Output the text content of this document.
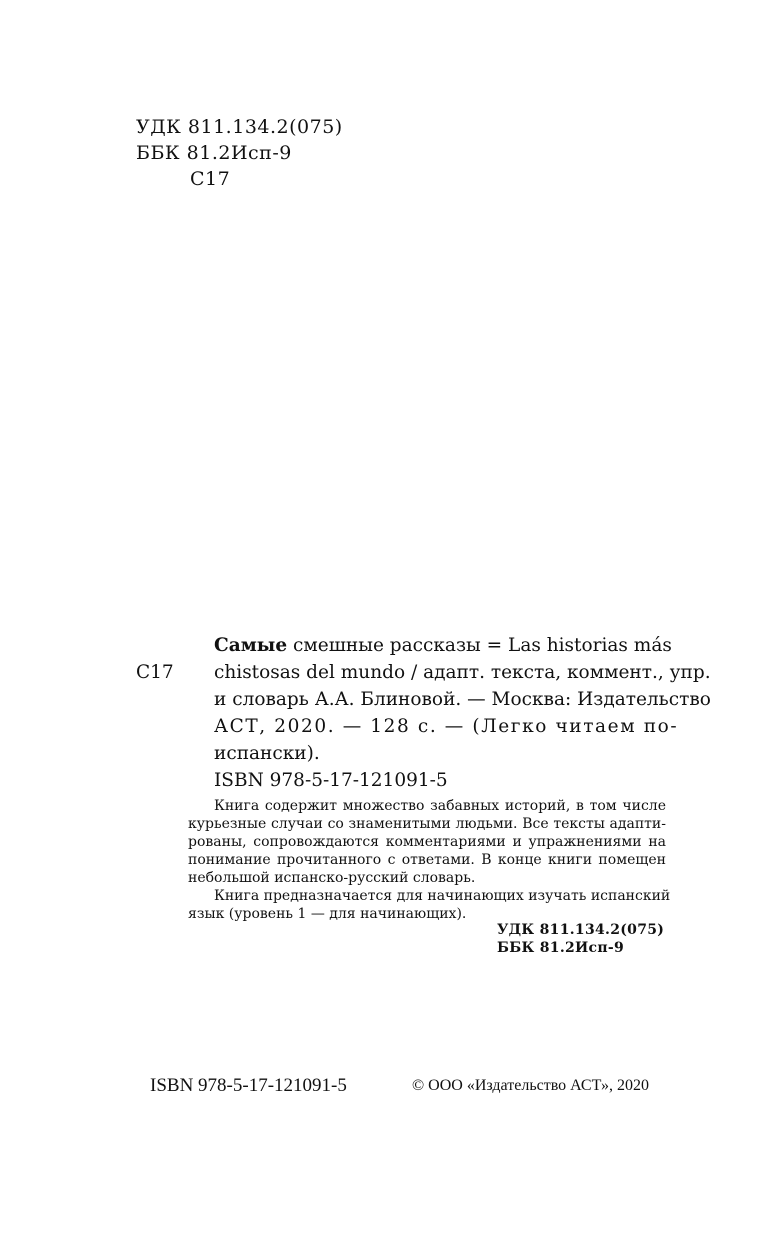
УДК 811.134.2(075)
ББК 81.2Исп-9
С17
С17
Самые смешные рассказы = Las historias más
chistosas del mundo / адапт. текста, коммент., упр.
и словарь А.А. Блиновой. — Москва: Издательство
АСТ, 2020. — 128 с. — (Легко читаем по-
испански).
ISBN 978-5-17-121091-5
Книга содержит множество забавных историй, в том числе
курьезные случаи со знаменитыми людьми. Все тексты адапти-
рованы, сопровождаются комментариями и упражнениями на
понимание прочитанного с ответами. В конце книги помещен
небольшой испанско-русский словарь.
Книга предназначается для начинающих изучать испанский
язык (уровень 1 — для начинающих).
УДК 811.134.2(075)
ББК 81.2Исп-9
ISBN 978-5-17-121091-5	© ООО «Издательство АСТ», 2020
